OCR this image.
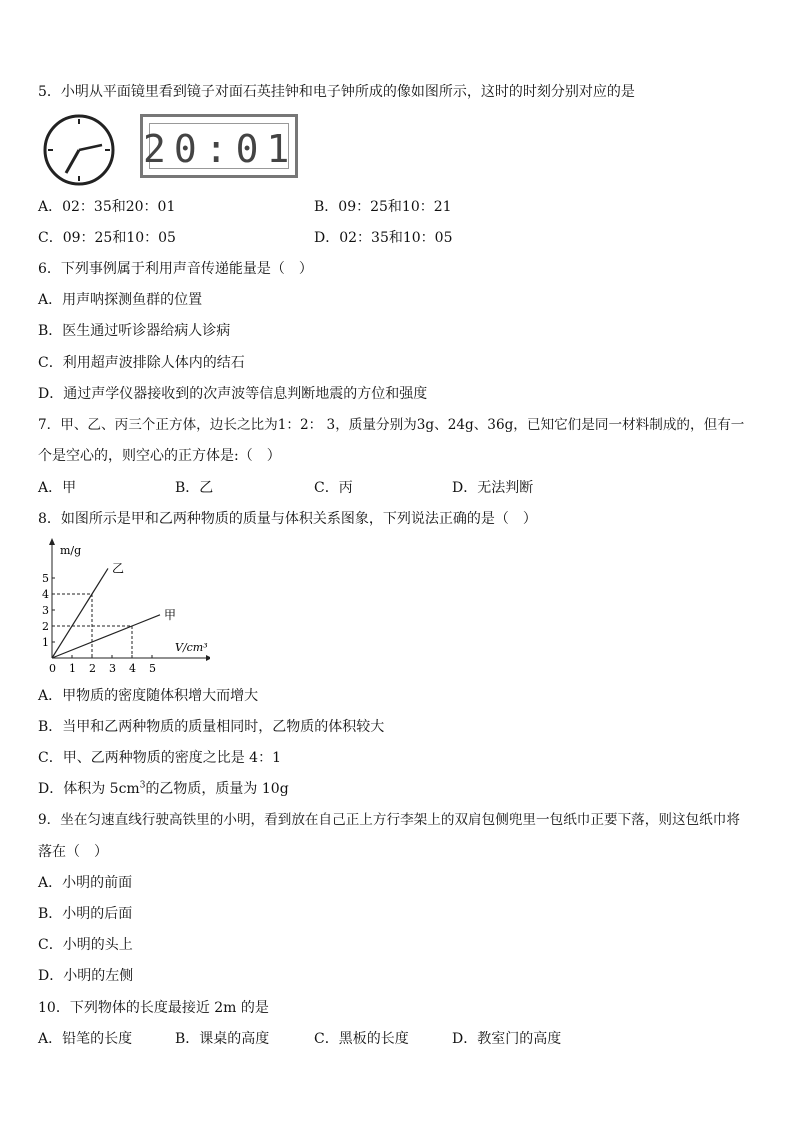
5．小明从平面镜里看到镜子对面石英挂钟和电子钟所成的像如图所示，这时的时刻分别对应的是
20:01
A．02：35和20：01	B．09：25和10：21
C．09：25和10：05	D．02：35和10：05
6．下列事例属于利用声音传递能量是（　）
A．用声呐探测鱼群的位置
B．医生通过听诊器给病人诊病
C．利用超声波排除人体内的结石
D．通过声学仪器接收到的次声波等信息判断地震的方位和强度
7．甲、乙、丙三个正方体，边长之比为1：2： 3，质量分别为3g、24g、36g，已知它们是同一材料制成的，但有一
个是空心的，则空心的正方体是:（　）
A．甲	B．乙	C．丙	D．无法判断
8．如图所示是甲和乙两种物质的质量与体积关系图象，下列说法正确的是（　）
m/g
V/cm³
0 1 2 3 4 5
1
2
3
4
5
乙
甲
A．甲物质的密度随体积增大而增大
B．当甲和乙两种物质的质量相同时，乙物质的体积较大
C．甲、乙两种物质的密度之比是 4：1
D．体积为 $5cm^3$的乙物质，质量为 10g
9．坐在匀速直线行驶高铁里的小明，看到放在自己正上方行李架上的双肩包侧兜里一包纸巾正要下落，则这包纸巾将
落在（　）
A．小明的前面
B．小明的后面
C．小明的头上
D．小明的左侧
10．下列物体的长度最接近 2m 的是
A．铅笔的长度	B．课桌的高度	C．黑板的长度	D．教室门的高度
